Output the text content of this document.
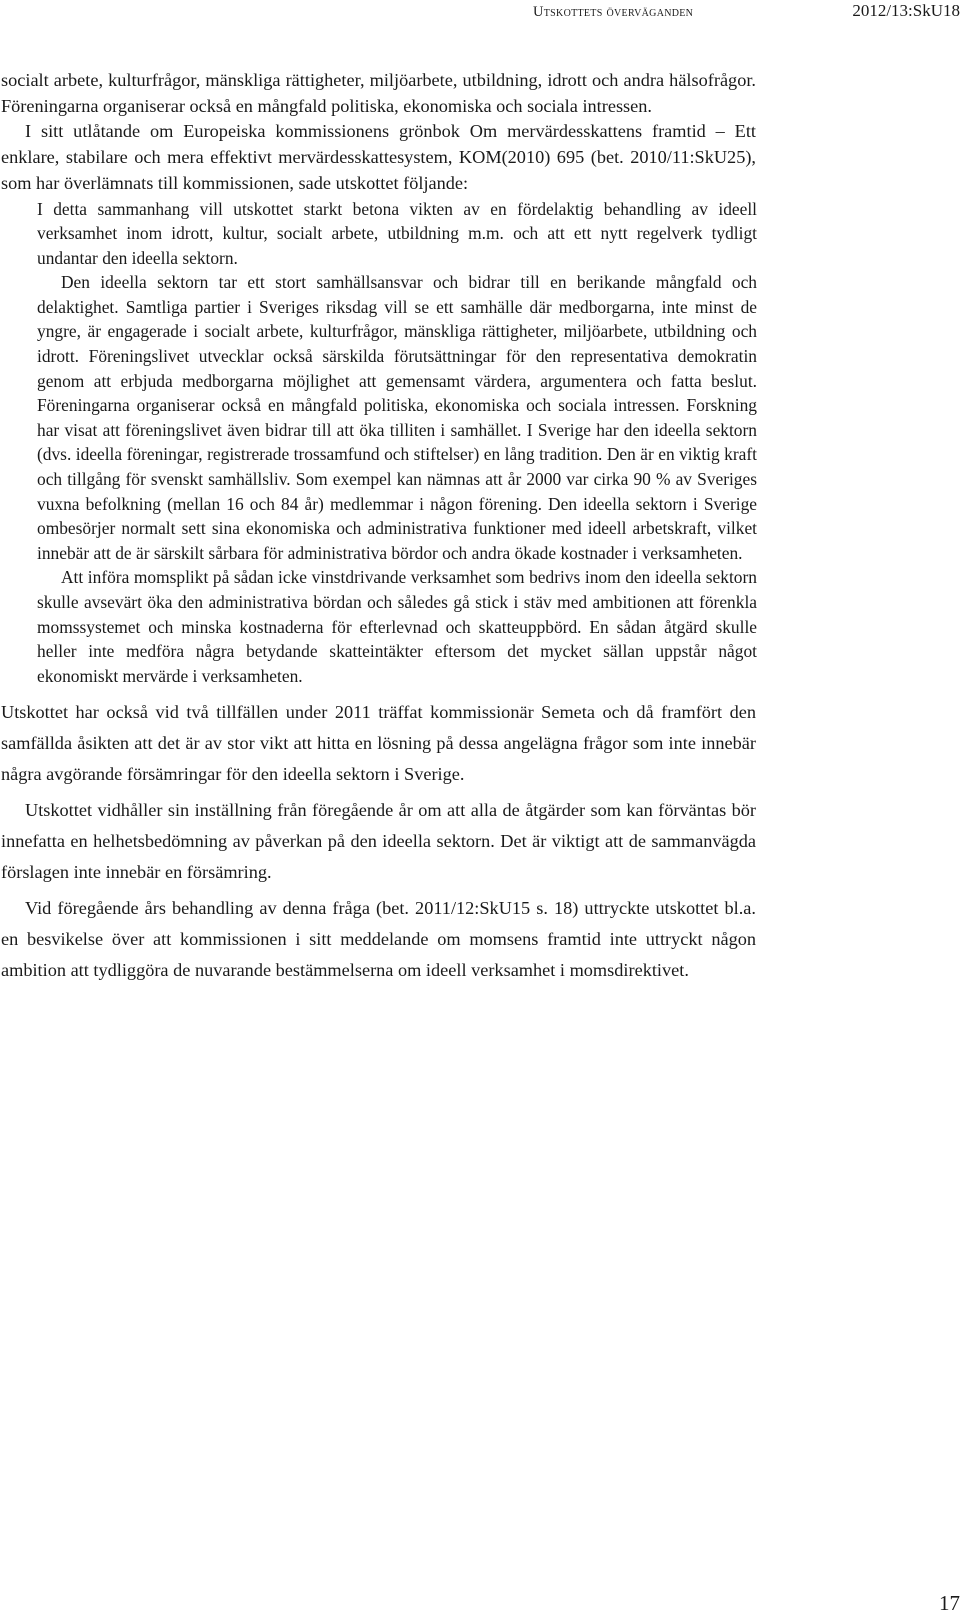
Utskottets överväganden	2012/13:SkU18

socialt arbete, kulturfrågor, mänskliga rättigheter, miljöarbete, utbildning, idrott och andra hälsofrågor. Föreningarna organiserar också en mångfald politiska, ekonomiska och sociala intressen.

I sitt utlåtande om Europeiska kommissionens grönbok Om mervärdesskattens framtid – Ett enklare, stabilare och mera effektivt mervärdesskattesystem, KOM(2010) 695 (bet. 2010/11:SkU25), som har överlämnats till kommissionen, sade utskottet följande:

I detta sammanhang vill utskottet starkt betona vikten av en fördelaktig behandling av ideell verksamhet inom idrott, kultur, socialt arbete, utbildning m.m. och att ett nytt regelverk tydligt undantar den ideella sektorn.

Den ideella sektorn tar ett stort samhällsansvar och bidrar till en berikande mångfald och delaktighet. Samtliga partier i Sveriges riksdag vill se ett samhälle där medborgarna, inte minst de yngre, är engagerade i socialt arbete, kulturfrågor, mänskliga rättigheter, miljöarbete, utbildning och idrott. Föreningslivet utvecklar också särskilda förutsättningar för den representativa demokratin genom att erbjuda medborgarna möjlighet att gemensamt värdera, argumentera och fatta beslut. Föreningarna organiserar också en mångfald politiska, ekonomiska och sociala intressen. Forskning har visat att föreningslivet även bidrar till att öka tilliten i samhället. I Sverige har den ideella sektorn (dvs. ideella föreningar, registrerade trossamfund och stiftelser) en lång tradition. Den är en viktig kraft och tillgång för svenskt samhällsliv. Som exempel kan nämnas att år 2000 var cirka 90 % av Sveriges vuxna befolkning (mellan 16 och 84 år) medlemmar i någon förening. Den ideella sektorn i Sverige ombesörjer normalt sett sina ekonomiska och administrativa funktioner med ideell arbetskraft, vilket innebär att de är särskilt sårbara för administrativa bördor och andra ökade kostnader i verksamheten.

Att införa momsplikt på sådan icke vinstdrivande verksamhet som bedrivs inom den ideella sektorn skulle avsevärt öka den administrativa bördan och således gå stick i stäv med ambitionen att förenkla momssystemet och minska kostnaderna för efterlevnad och skatteuppbörd. En sådan åtgärd skulle heller inte medföra några betydande skatteintäkter eftersom det mycket sällan uppstår något ekonomiskt mervärde i verksamheten.

Utskottet har också vid två tillfällen under 2011 träffat kommissionär Semeta och då framfört den samfällda åsikten att det är av stor vikt att hitta en lösning på dessa angelägna frågor som inte innebär några avgörande försämringar för den ideella sektorn i Sverige.

Utskottet vidhåller sin inställning från föregående år om att alla de åtgärder som kan förväntas bör innefatta en helhetsbedömning av påverkan på den ideella sektorn. Det är viktigt att de sammanvägda förslagen inte innebär en försämring.

Vid föregående års behandling av denna fråga (bet. 2011/12:SkU15 s. 18) uttryckte utskottet bl.a. en besvikelse över att kommissionen i sitt meddelande om momsens framtid inte uttryckt någon ambition att tydliggöra de nuvarande bestämmelserna om ideell verksamhet i momsdirektivet.

17
